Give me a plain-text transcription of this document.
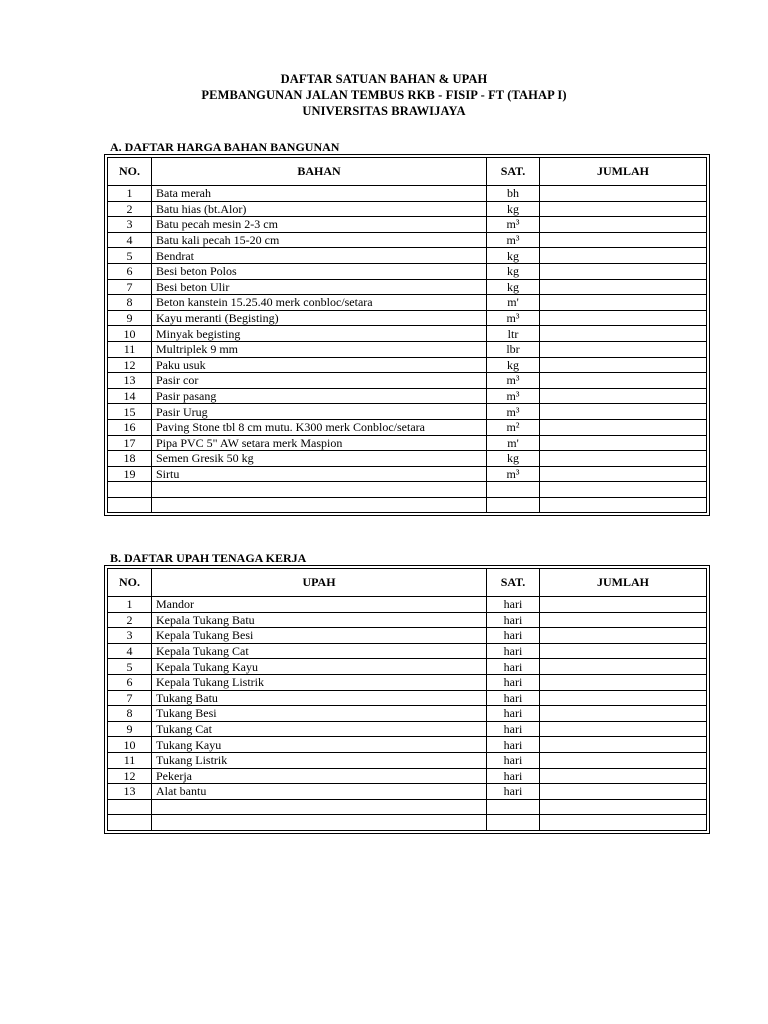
DAFTAR SATUAN BAHAN & UPAH
PEMBANGUNAN JALAN TEMBUS RKB - FISIP - FT (TAHAP I)
UNIVERSITAS BRAWIJAYA
A. DAFTAR HARGA BAHAN BANGUNAN
NO.	BAHAN	SAT.	JUMLAH
1	Bata merah	bh	
2	Batu hias (bt.Alor)	kg	
3	Batu pecah mesin 2-3 cm	m³	
4	Batu kali pecah 15-20 cm	m³	
5	Bendrat	kg	
6	Besi beton Polos	kg	
7	Besi beton Ulir	kg	
8	Beton kanstein 15.25.40 merk conbloc/setara	m'	
9	Kayu meranti (Begisting)	m³	
10	Minyak begisting	ltr	
11	Multriplek 9 mm	lbr	
12	Paku usuk	kg	
13	Pasir cor	m³	
14	Pasir pasang	m³	
15	Pasir Urug	m³	
16	Paving Stone tbl 8 cm mutu. K300 merk Conbloc/setara	m²	
17	Pipa PVC 5" AW setara merk Maspion	m'	
18	Semen Gresik 50 kg	kg	
19	Sirtu	m³	

B. DAFTAR UPAH TENAGA KERJA
NO.	UPAH	SAT.	JUMLAH
1	Mandor	hari	
2	Kepala Tukang Batu	hari	
3	Kepala Tukang Besi	hari	
4	Kepala Tukang Cat	hari	
5	Kepala Tukang Kayu	hari	
6	Kepala Tukang Listrik	hari	
7	Tukang Batu	hari	
8	Tukang Besi	hari	
9	Tukang Cat	hari	
10	Tukang Kayu	hari	
11	Tukang Listrik	hari	
12	Pekerja	hari	
13	Alat bantu	hari	
